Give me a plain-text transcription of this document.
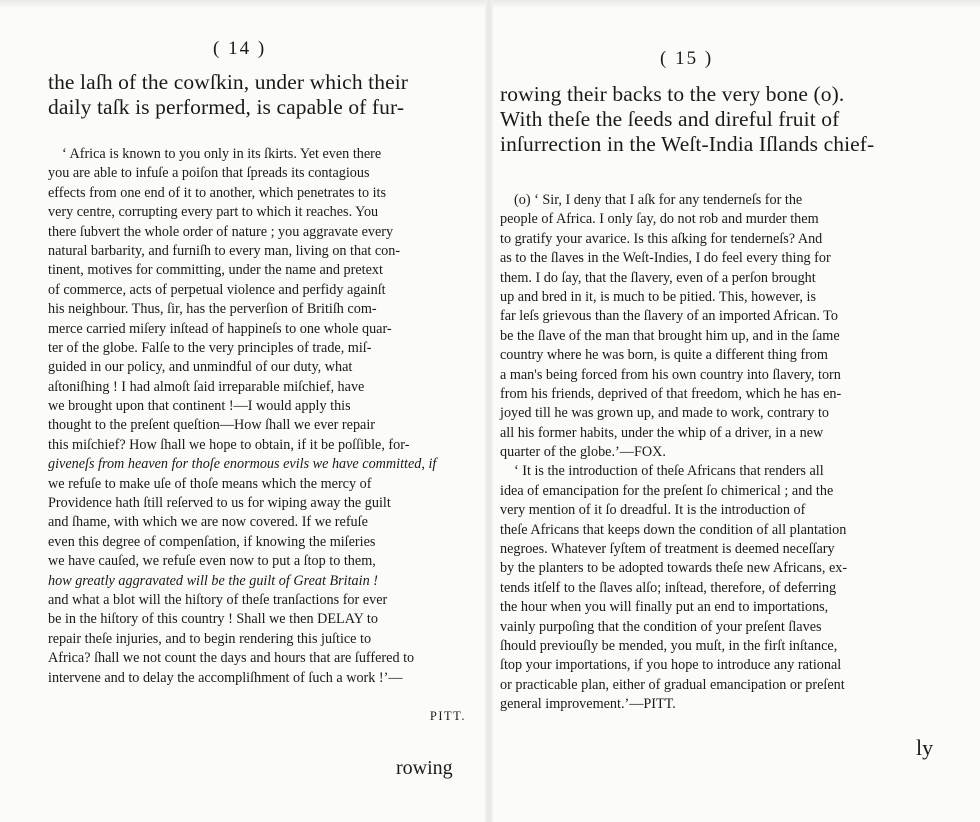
( 14 )
the laſh of the cowſkin, under which their
daily taſk is performed, is capable of fur-
‘ Africa is known to you only in its ſkirts. Yet even there
you are able to infuſe a poiſon that ſpreads its contagious
effects from one end of it to another, which penetrates to its
very centre, corrupting every part to which it reaches. You
there ſubvert the whole order of nature ; you aggravate every
natural barbarity, and furniſh to every man, living on that con-
tinent, motives for committing, under the name and pretext
of commerce, acts of perpetual violence and perfidy againſt
his neighbour. Thus, ſir, has the perverſion of Britiſh com-
merce carried miſery inſtead of happineſs to one whole quar-
ter of the globe. Falſe to the very principles of trade, miſ-
guided in our policy, and unmindful of our duty, what
aſtoniſhing ! I had almoſt ſaid irreparable miſchief, have
we brought upon that continent !—I would apply this
thought to the preſent queſtion—How ſhall we ever repair
this miſchief? How ſhall we hope to obtain, if it be poſſible, for-
giveneſs from heaven for thoſe enormous evils we have committed, if
we refuſe to make uſe of thoſe means which the mercy of
Providence hath ſtill reſerved to us for wiping away the guilt
and ſhame, with which we are now covered. If we refuſe
even this degree of compenſation, if knowing the miſeries
we have cauſed, we refuſe even now to put a ſtop to them,
how greatly aggravated will be the guilt of Great Britain !
and what a blot will the hiſtory of theſe tranſactions for ever
be in the hiſtory of this country ! Shall we then DELAY to
repair theſe injuries, and to begin rendering this juſtice to
Africa? ſhall we not count the days and hours that are ſuffered to
intervene and to delay the accompliſhment of ſuch a work !’—
PITT.
rowing
( 15 )
rowing their backs to the very bone (o).
With theſe the ſeeds and direful fruit of
inſurrection in the Weſt-India Iſlands chief-
(o) ‘ Sir, I deny that I aſk for any tenderneſs for the
people of Africa. I only ſay, do not rob and murder them
to gratify your avarice. Is this aſking for tenderneſs? And
as to the ſlaves in the Weſt-Indies, I do feel every thing for
them. I do ſay, that the ſlavery, even of a perſon brought
up and bred in it, is much to be pitied. This, however, is
far leſs grievous than the ſlavery of an imported African. To
be the ſlave of the man that brought him up, and in the ſame
country where he was born, is quite a different thing from
a man's being forced from his own country into ſlavery, torn
from his friends, deprived of that freedom, which he has en-
joyed till he was grown up, and made to work, contrary to
all his former habits, under the whip of a driver, in a new
quarter of the globe.’—FOX.
‘ It is the introduction of theſe Africans that renders all
idea of emancipation for the preſent ſo chimerical ; and the
very mention of it ſo dreadful. It is the introduction of
theſe Africans that keeps down the condition of all plantation
negroes. Whatever ſyſtem of treatment is deemed neceſſary
by the planters to be adopted towards theſe new Africans, ex-
tends itſelf to the ſlaves alſo; inſtead, therefore, of deferring
the hour when you will finally put an end to importations,
vainly purpoſing that the condition of your preſent ſlaves
ſhould previouſly be mended, you muſt, in the firſt inſtance,
ſtop your importations, if you hope to introduce any rational
or practicable plan, either of gradual emancipation or preſent
general improvement.’—PITT.
ly
